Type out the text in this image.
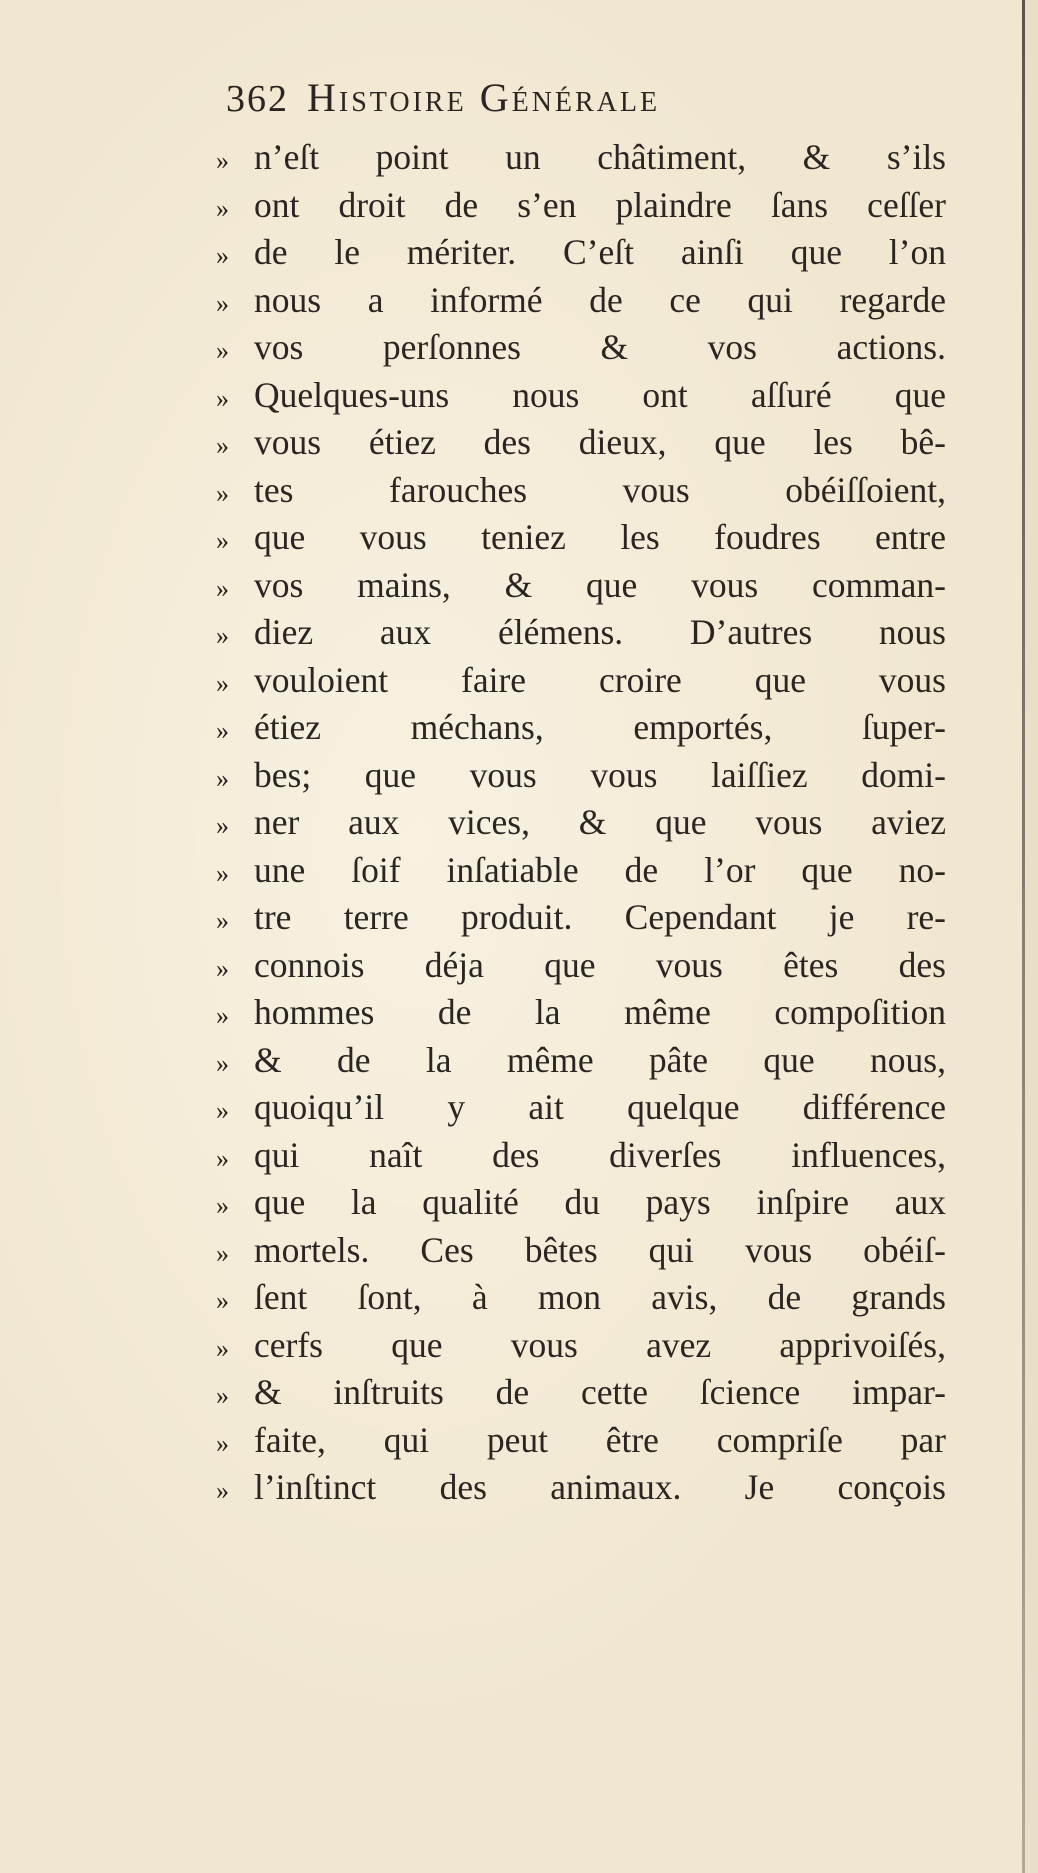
362 Histoire Générale
» n’eſt point un châtiment, & s’ils
» ont droit de s’en plaindre ſans ceſſer
» de le mériter. C’eſt ainſi que l’on
» nous a informé de ce qui regarde
» vos perſonnes & vos actions.
» Quelques-uns nous ont aſſuré que
» vous étiez des dieux, que les bê-
» tes farouches vous obéiſſoient,
» que vous teniez les foudres entre
» vos mains, & que vous comman-
» diez aux élémens. D’autres nous
» vouloient faire croire que vous
» étiez méchans, emportés, ſuper-
» bes; que vous vous laiſſiez domi-
» ner aux vices, & que vous aviez
» une ſoif inſatiable de l’or que no-
» tre terre produit. Cependant je re-
» connois déja que vous êtes des
» hommes de la même compoſition
» & de la même pâte que nous,
» quoiqu’il y ait quelque différence
» qui naît des diverſes influences,
» que la qualité du pays inſpire aux
» mortels. Ces bêtes qui vous obéiſ-
» ſent ſont, à mon avis, de grands
» cerfs que vous avez apprivoiſés,
» & inſtruits de cette ſcience impar-
» faite, qui peut être compriſe par
» l’inſtinct des animaux. Je conçois
